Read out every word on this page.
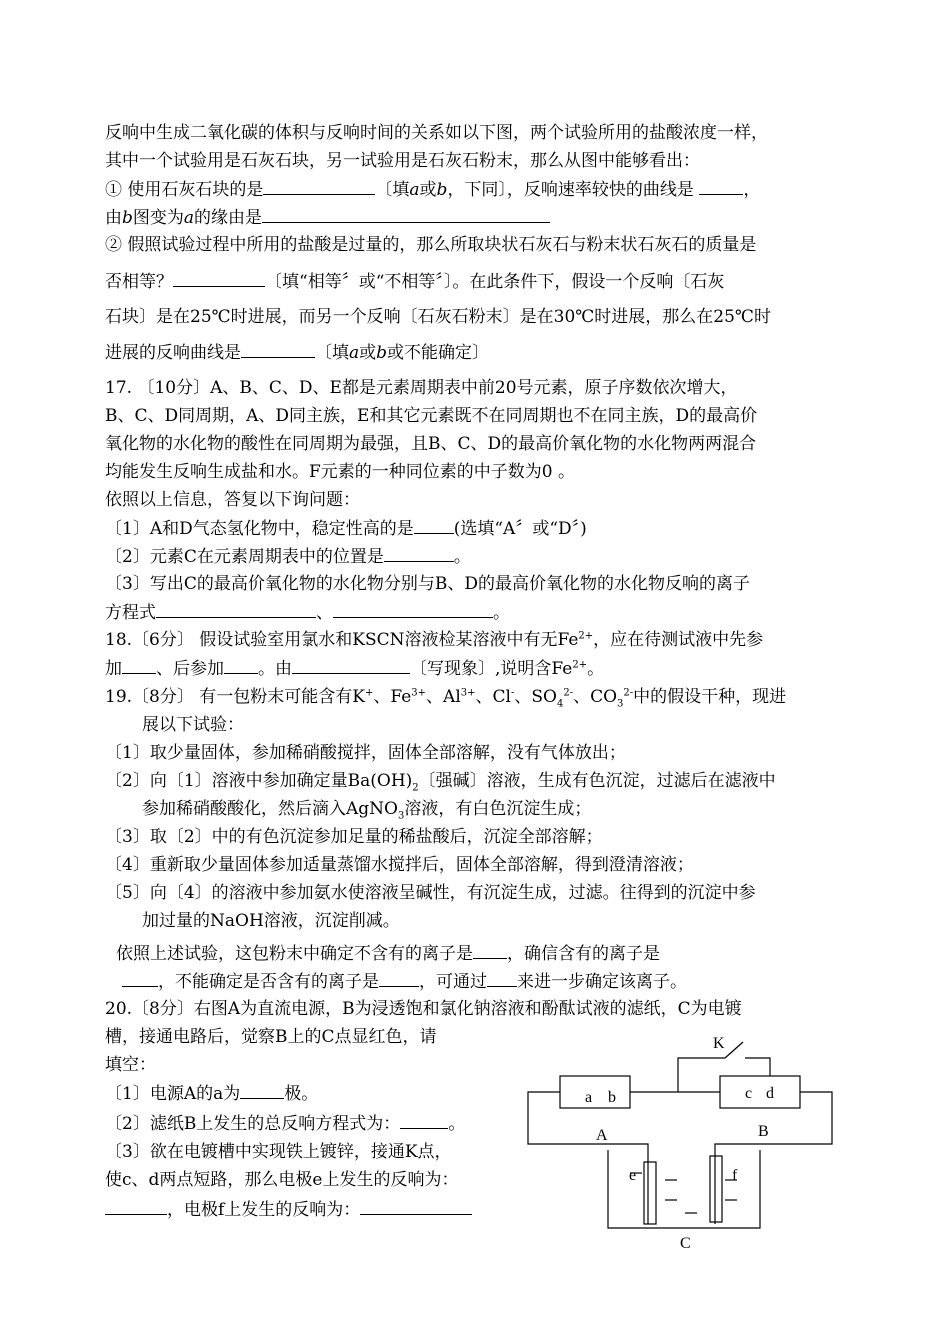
反响中生成二氧化碳的体积与反响时间的关系如以下图，两个试验所用的盐酸浓度一样，
其中一个试验用是石灰石块，另一试验用是石灰石粉末，那么从图中能够看出：
① 使用石灰石块的是	〔填a或b，下同〕，反响速率较快的曲线是	，
由b图变为a的缘由是
② 假照试验过程中所用的盐酸是过量的，那么所取块状石灰石与粉末状石灰石的质量是
否相等？	〔填“相等〞或“不相等〞〕。在此条件下，假设一个反响〔石灰
石块〕是在25℃时进展，而另一个反响〔石灰石粉末〕是在30℃时进展，那么在25℃时
进展的反响曲线是	〔填a或b或不能确定〕
17. 〔10分〕A、B、C、D、E都是元素周期表中前20号元素，原子序数依次增大，
B、C、D同周期，A、D同主族，E和其它元素既不在同周期也不在同主族，D的最高价
氧化物的水化物的酸性在同周期为最强，且B、C、D的最高价氧化物的水化物两两混合
均能发生反响生成盐和水。F元素的一种同位素的中子数为0 。
依照以上信息，答复以下询问题：
〔1〕A和D气态氢化物中，稳定性高的是 (选填“A〞或“D〞)
〔2〕元素C在元素周期表中的位置是	。
〔3〕写出C的最高价氧化物的水化物分别与B、D的最高价氧化物的水化物反响的离子
方程式	、	。
18.〔6分〕 假设试验室用氯水和KSCN溶液检某溶液中有无$Fe^{2+}$，应在待测试液中先参
加 、后参加 。由	〔写现象〕,说明含$Fe^{2+}$。
19.〔8分〕 有一包粉末可能含有K+、$Fe^{3+}$、$Al^{3+}$、Cl-、$SO_4^{2-}$、$CO_3^{2-}$中的假设干种，现进
展以下试验：
〔1〕取少量固体，参加稀硝酸搅拌，固体全部溶解，没有气体放出；
〔2〕向〔1〕溶液中参加确定量$Ba(OH)_2$〔强碱〕溶液，生成有色沉淀，过滤后在滤液中
参加稀硝酸酸化，然后滴入AgNO$_3$溶液，有白色沉淀生成；
〔3〕取〔2〕中的有色沉淀参加足量的稀盐酸后，沉淀全部溶解；
〔4〕重新取少量固体参加适量蒸馏水搅拌后，固体全部溶解，得到澄清溶液；
〔5〕向〔4〕的溶液中参加氨水使溶液呈碱性，有沉淀生成，过滤。往得到的沉淀中参
加过量的NaOH溶液，沉淀削减。
依照上述试验，这包粉末中确定不含有的离子是 ，确信含有的离子是
，不能确定是否含有的离子是 ，可通过 来进一步确定该离子。
20.〔8分〕右图A为直流电源，B为浸透饱和氯化钠溶液和酚酞试液的滤纸，C为电镀
槽，接通电路后，觉察B上的C点显红色，请
填空：
〔1〕电源A的a为	极。
〔2〕滤纸B上发生的总反响方程式为：	。
〔3〕欲在电镀槽中实现铁上镀锌，接通K点，
使c、d两点短路，那么电极e上发生的反响为：
，电极f上发生的反响为：
K
a b	c d
A	B
e	f
C
